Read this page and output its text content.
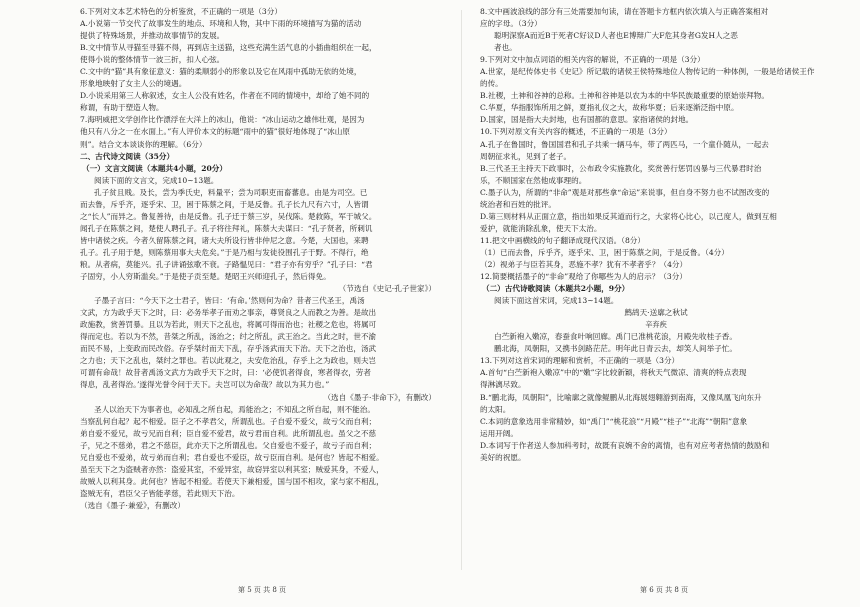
6.下列对文本艺术特色的分析鉴赏，不正确的一项是（3分）
A.小说第一节交代了故事发生的地点、环境和人物，其中下雨的环境描写为猫的活动
提供了特殊场景，并推动故事情节的发展。
B.文中情节从寻猫至寻猫不得，再到店主送猫，这些充满生活气息的小插曲组织在一起，
使得小说的整体情节一波三折，扣人心弦。
C.文中的“猫”具有象征意义：猫的柔顺弱小的形象以及它在风雨中孤助无依的处境，
形象地映射了女主人公的境遇。
D.小说采用第三人称叙述，女主人公没有姓名，作者在不同的情境中，却给了她不同的
称谓，有助于塑造人物。
7.海明威把文学创作比作漂浮在大洋上的冰山，他说：“冰山运动之雄伟壮观，是因为
他只有八分之一在水面上。”有人评价本文的标题“雨中的猫”很好地体现了“冰山原
则”。结合文本谈谈你的理解。（6分）
二、古代诗文阅读（35分）
（一）文言文阅读（本题共4小题，20分）
阅读下面的文言文，完成10~13题。
孔子贫且贱。及长，尝为季氏史，料量平；尝为司职吏而畜蕃息。由是为司空。已
而去鲁，斥乎齐，逐乎宋、卫，困于陈蔡之间，于是反鲁。孔子长九尺有六寸，人皆谓
之“长人”而异之。鲁复善待，由是反鲁。孔子迁于蔡三岁，吴伐陈。楚救陈，军于城父。
闻孔子在陈蔡之间，楚使人聘孔子。孔子将往拜礼，陈蔡大夫谋曰：“孔子贤者，所刺讥
皆中诸侯之疾。今者久留陈蔡之间，诸大夫所设行皆非仲尼之意。今楚，大国也，来聘
孔子。孔子用于楚，则陈蔡用事大夫危矣。”于是乃相与发徒役围孔子于野。不得行，绝
粮。从者病，莫能兴。孔子讲诵弦歌不衰。子路愠见曰：“君子亦有穷乎？”孔子曰：“君
子固穷，小人穷斯滥矣。”于是使子贡至楚。楚昭王兴师迎孔子，然后得免。
（节选自《史记·孔子世家》）
子墨子言曰：“今天下之士君子，皆曰：‘有命。’然则何为命？昔者三代圣王，禹汤
文武，方为政乎天下之时，曰：必务举孝子而劝之事亲，尊贤良之人而教之为善。是故出
政施教，赏善罚暴。且以为若此，则天下之乱也，将属可得而治也；社稷之危也，将属可
得而定也。若以为不然，昔桀之所乱，汤治之；纣之所乱，武王治之。当此之时，世不渝
而民不易，上变政而民改俗。存乎桀纣而天下乱，存乎汤武而天下治。天下之治也，汤武
之力也；天下之乱也，桀纣之罪也。若以此观之，夫安危治乱，存乎上之为政也，则夫岂
可谓有命哉！故昔者禹汤文武方为政乎天下之时，曰：‘必使饥者得食，寒者得衣，劳者
得息，乱者得治。’遂得光誉令问于天下。夫岂可以为命哉？故以为其力也。”
（选自《墨子·非命下》，有删改）
圣人以治天下为事者也，必知乱之所自起，焉能治之；不知乱之所自起，则不能治。
当察乱何自起？起不相爱。臣子之不孝君父，所谓乱也。子自爱不爱父，故亏父而自利；
弟自爱不爱兄，故亏兄而自利；臣自爱不爱君，故亏君而自利。此所谓乱也。虽父之不慈
子，兄之不慈弟，君之不慈臣，此亦天下之所谓乱也。父自爱也不爱子，故亏子而自利；
兄自爱也不爱弟，故亏弟而自利；君自爱也不爱臣，故亏臣而自利。是何也？皆起不相爱。
虽至天下之为盗贼者亦然：盗爱其室，不爱异室，故窃异室以利其室；贼爱其身，不爱人，
故贼人以利其身。此何也？皆起不相爱。若使天下兼相爱，国与国不相攻，家与家不相乱，
盗贼无有，君臣父子皆能孝慈，若此则天下治。
（选自《墨子·兼爱》，有删改）
8.文中画波浪线的部分有三处需要加句读，请在答题卡方框内依次填入与正确答案相对
应的字母。（3分）
聪明深察A而近B于死者C好议D人者也E博辩广大F危其身者G发H人之恶
者也。
9.下列对文中加点词语的相关内容的解说，不正确的一项是（3分）
A.世家，是纪传体史书《史记》所记载的诸侯王侯特殊地位人物传记的一种体例，一般是给诸侯王作
的传。
B.社稷，土神和谷神的总称。土神和谷神是以农为本的中华民族最重要的原始崇拜物。
C.华夏，华指服饰所用之鲜，夏指礼仪之大，故称华夏；后来逐渐泛指中原。
D.国家，国是指大夫封地，也有国都的意思。家指诸侯的封地。
10.下列对原文有关内容的概述，不正确的一项是（3分）
A.孔子在鲁国时，鲁国国君和孔子共乘一辆马车，带了两匹马，一个童仆随从，一起去
周朝征求礼，见到了老子。
B.三代圣王主持天下政事时，公布政令实施教化，奖赏善行惩罚凶暴与三代暴君时治
乐，不顺国家在然他成事理的。
C.墨子认为，所谓的“非命”观是对那些拿“命运”来说事，但自身不努力也不试图改变的
统治者和百姓的批评。
D.第三则材料从正面立意，指出如果反其道而行之，大家将心比心，以己度人，做到互相
爱护，就能消除乱象，使天下太治。
11.把文中画横线的句子翻译成现代汉语。（8分）
（1）已而去鲁，斥乎齐，逐乎宋、卫，困于陈蔡之间，于是反鲁。（4分）
（2）视弟子与臣若其身，恶施不孝？犹有不孝者乎？（4分）
12.简要概括墨子的“非命”观给了你哪些为人的启示？（3分）
（二）古代诗歌阅读（本题共2小题，9分）
阅读下面这首宋词，完成13~14题。
鹧鸪天·送廓之秋试
辛弃疾
白苎新袍入嫩凉，春蚕食叶响回廊。禹门已准桃花浪，月殿先收桂子香。
鹏北海，凤朝阳，又携书剑路茫茫。明年此日青云去，却笑人间举子忙。
13.下列对这首宋词的理解和赏析，不正确的一项是（3分）
A.首句“白苎新袍入嫩凉”中的“嫩”字比较新颖，将秋天气微凉、清爽的特点表现
得淋漓尽致。
B.“鹏北海，凤朝阳”，比喻廓之就像鲲鹏从北海展翅翱游到南海，又像凤凰飞向东升
的太阳。
C.本词的意象选用非常精妙，如“禹门”“桃花浪”“月殿”“桂子”“北海”“朝阳”意象
运用开阔。
D.本词写于作者送人参加科考时，故既有哀婉不舍的离情，也有对应考者热情的鼓励和
美好的祝愿。
第 5 页 共 8 页	第 6 页 共 8 页
